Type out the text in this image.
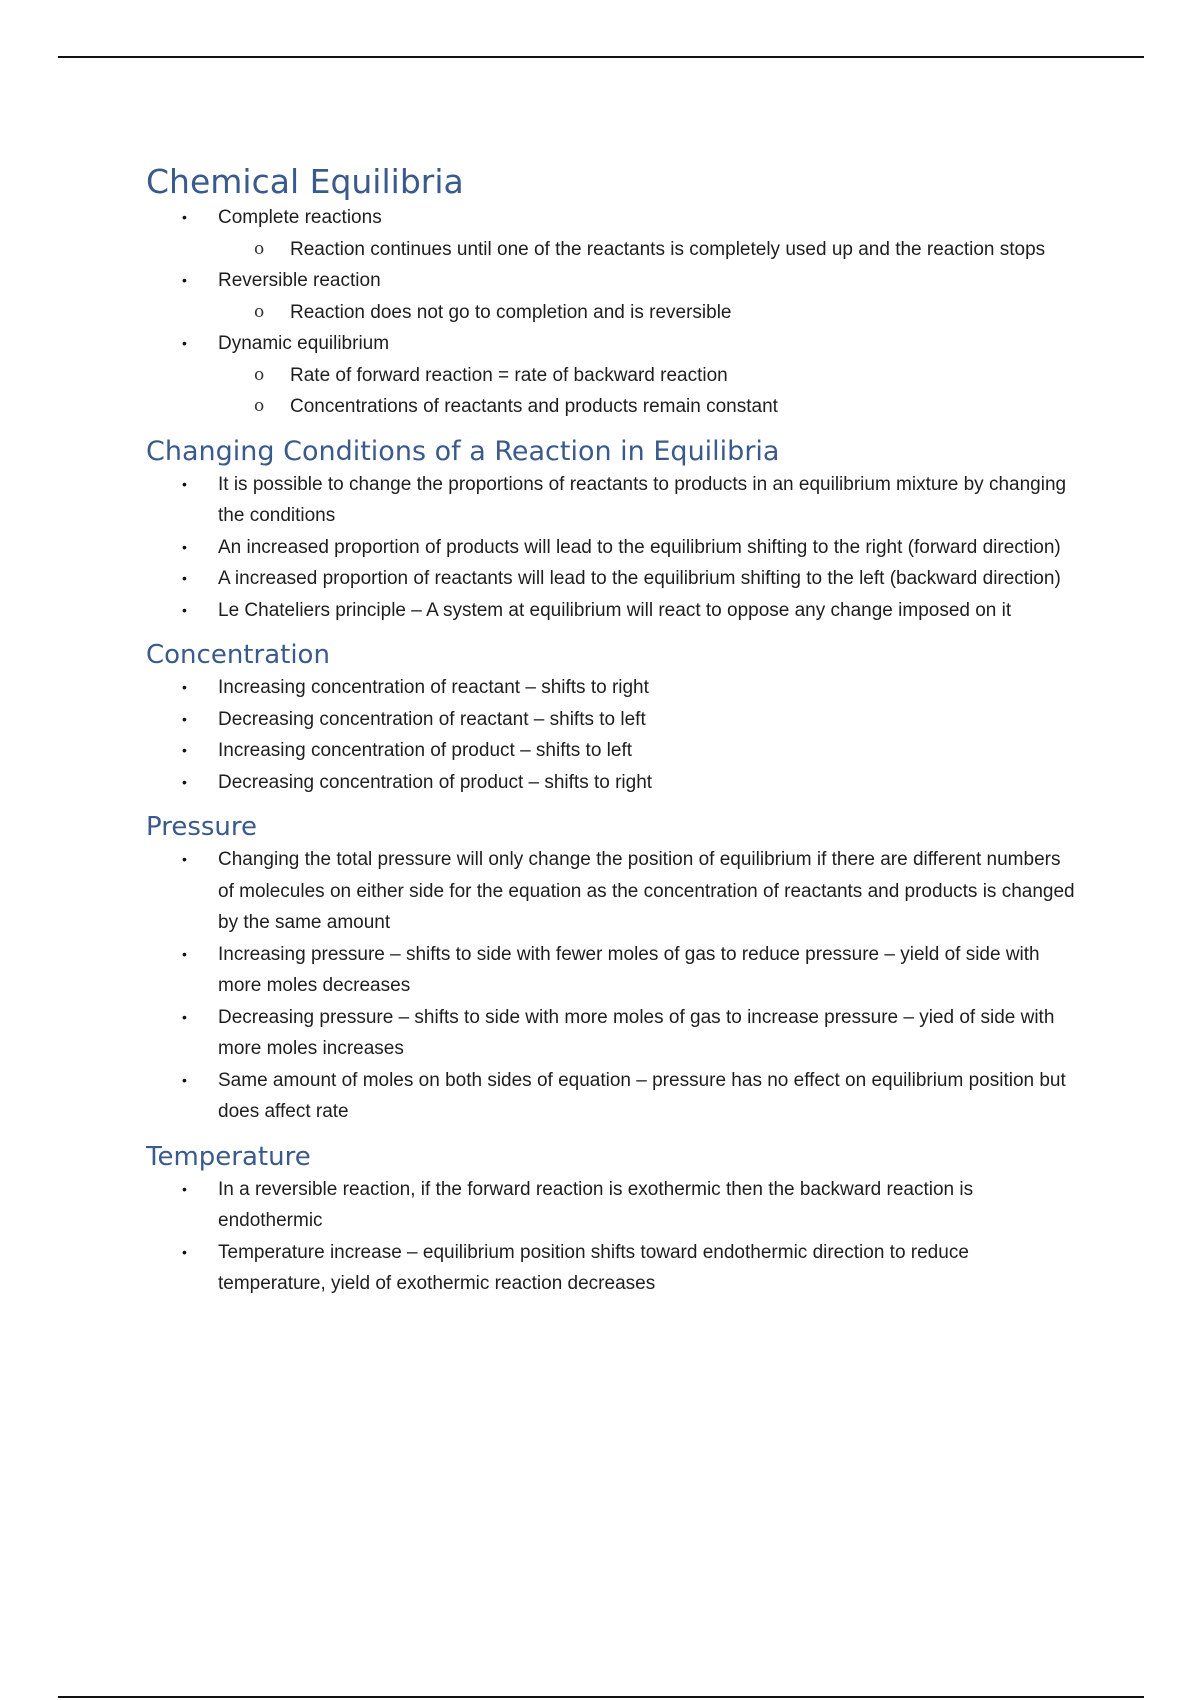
Chemical Equilibria
• Complete reactions
o Reaction continues until one of the reactants is completely used up and the reaction stops
• Reversible reaction
o Reaction does not go to completion and is reversible
• Dynamic equilibrium
o Rate of forward reaction = rate of backward reaction
o Concentrations of reactants and products remain constant
Changing Conditions of a Reaction in Equilibria
• It is possible to change the proportions of reactants to products in an equilibrium mixture by changing the conditions
• An increased proportion of products will lead to the equilibrium shifting to the right (forward direction)
• A increased proportion of reactants will lead to the equilibrium shifting to the left (backward direction)
• Le Chateliers principle – A system at equilibrium will react to oppose any change imposed on it
Concentration
• Increasing concentration of reactant – shifts to right
• Decreasing concentration of reactant – shifts to left
• Increasing concentration of product – shifts to left
• Decreasing concentration of product – shifts to right
Pressure
• Changing the total pressure will only change the position of equilibrium if there are different numbers of molecules on either side for the equation as the concentration of reactants and products is changed by the same amount
• Increasing pressure – shifts to side with fewer moles of gas to reduce pressure – yield of side with more moles decreases
• Decreasing pressure – shifts to side with more moles of gas to increase pressure – yied of side with more moles increases
• Same amount of moles on both sides of equation – pressure has no effect on equilibrium position but does affect rate
Temperature
• In a reversible reaction, if the forward reaction is exothermic then the backward reaction is endothermic
• Temperature increase – equilibrium position shifts toward endothermic direction to reduce temperature, yield of exothermic reaction decreases
